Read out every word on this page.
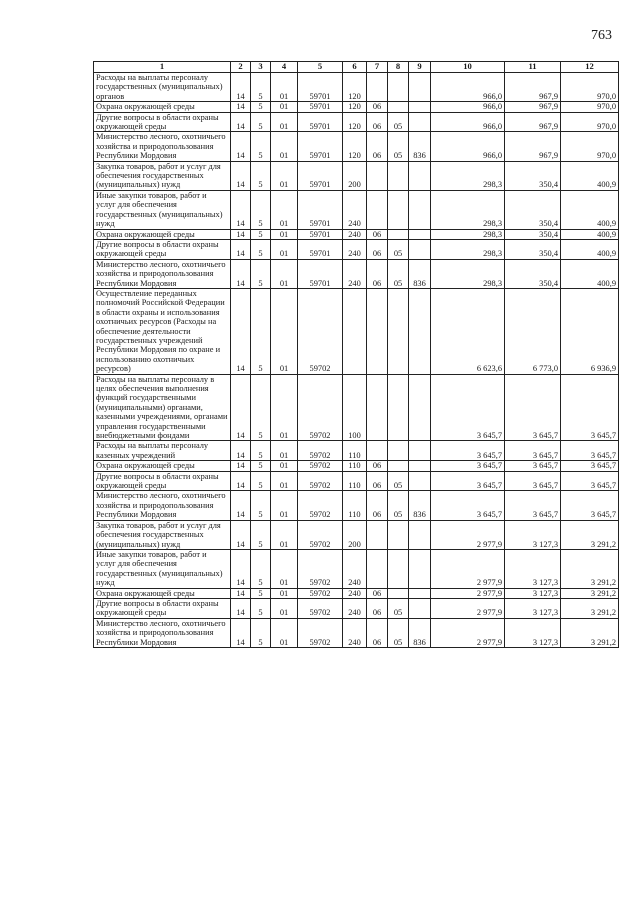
763
1	2	3	4	5	6	7	8	9	10	11	12
Расходы на выплаты персоналу государственных (муниципальных) органов	14	5	01	59701	120				966,0	967,9	970,0
Охрана окружающей среды	14	5	01	59701	120	06			966,0	967,9	970,0
Другие вопросы в области охраны окружающей среды	14	5	01	59701	120	06	05		966,0	967,9	970,0
Министерство лесного, охотничьего хозяйства и природопользования Республики Мордовия	14	5	01	59701	120	06	05	836	966,0	967,9	970,0
Закупка товаров, работ и услуг для обеспечения государственных (муниципальных) нужд	14	5	01	59701	200				298,3	350,4	400,9
Иные закупки товаров, работ и услуг для обеспечения государственных (муниципальных) нужд	14	5	01	59701	240				298,3	350,4	400,9
Охрана окружающей среды	14	5	01	59701	240	06			298,3	350,4	400,9
Другие вопросы в области охраны окружающей среды	14	5	01	59701	240	06	05		298,3	350,4	400,9
Министерство лесного, охотничьего хозяйства и природопользования Республики Мордовия	14	5	01	59701	240	06	05	836	298,3	350,4	400,9
Осуществление переданных полномочий Российской Федерации в области охраны и использования охотничьих ресурсов (Расходы на обеспечение деятельности государственных учреждений Республики Мордовия по охране и использованию охотничьих ресурсов)	14	5	01	59702					6 623,6	6 773,0	6 936,9
Расходы на выплаты персоналу в целях обеспечения выполнения функций государственными (муниципальными) органами, казенными учреждениями, органами управления государственными внебюджетными фондами	14	5	01	59702	100				3 645,7	3 645,7	3 645,7
Расходы на выплаты персоналу казенных учреждений	14	5	01	59702	110				3 645,7	3 645,7	3 645,7
Охрана окружающей среды	14	5	01	59702	110	06			3 645,7	3 645,7	3 645,7
Другие вопросы в области охраны окружающей среды	14	5	01	59702	110	06	05		3 645,7	3 645,7	3 645,7
Министерство лесного, охотничьего хозяйства и природопользования Республики Мордовия	14	5	01	59702	110	06	05	836	3 645,7	3 645,7	3 645,7
Закупка товаров, работ и услуг для обеспечения государственных (муниципальных) нужд	14	5	01	59702	200				2 977,9	3 127,3	3 291,2
Иные закупки товаров, работ и услуг для обеспечения государственных (муниципальных) нужд	14	5	01	59702	240				2 977,9	3 127,3	3 291,2
Охрана окружающей среды	14	5	01	59702	240	06			2 977,9	3 127,3	3 291,2
Другие вопросы в области охраны окружающей среды	14	5	01	59702	240	06	05		2 977,9	3 127,3	3 291,2
Министерство лесного, охотничьего хозяйства и природопользования Республики Мордовия	14	5	01	59702	240	06	05	836	2 977,9	3 127,3	3 291,2
